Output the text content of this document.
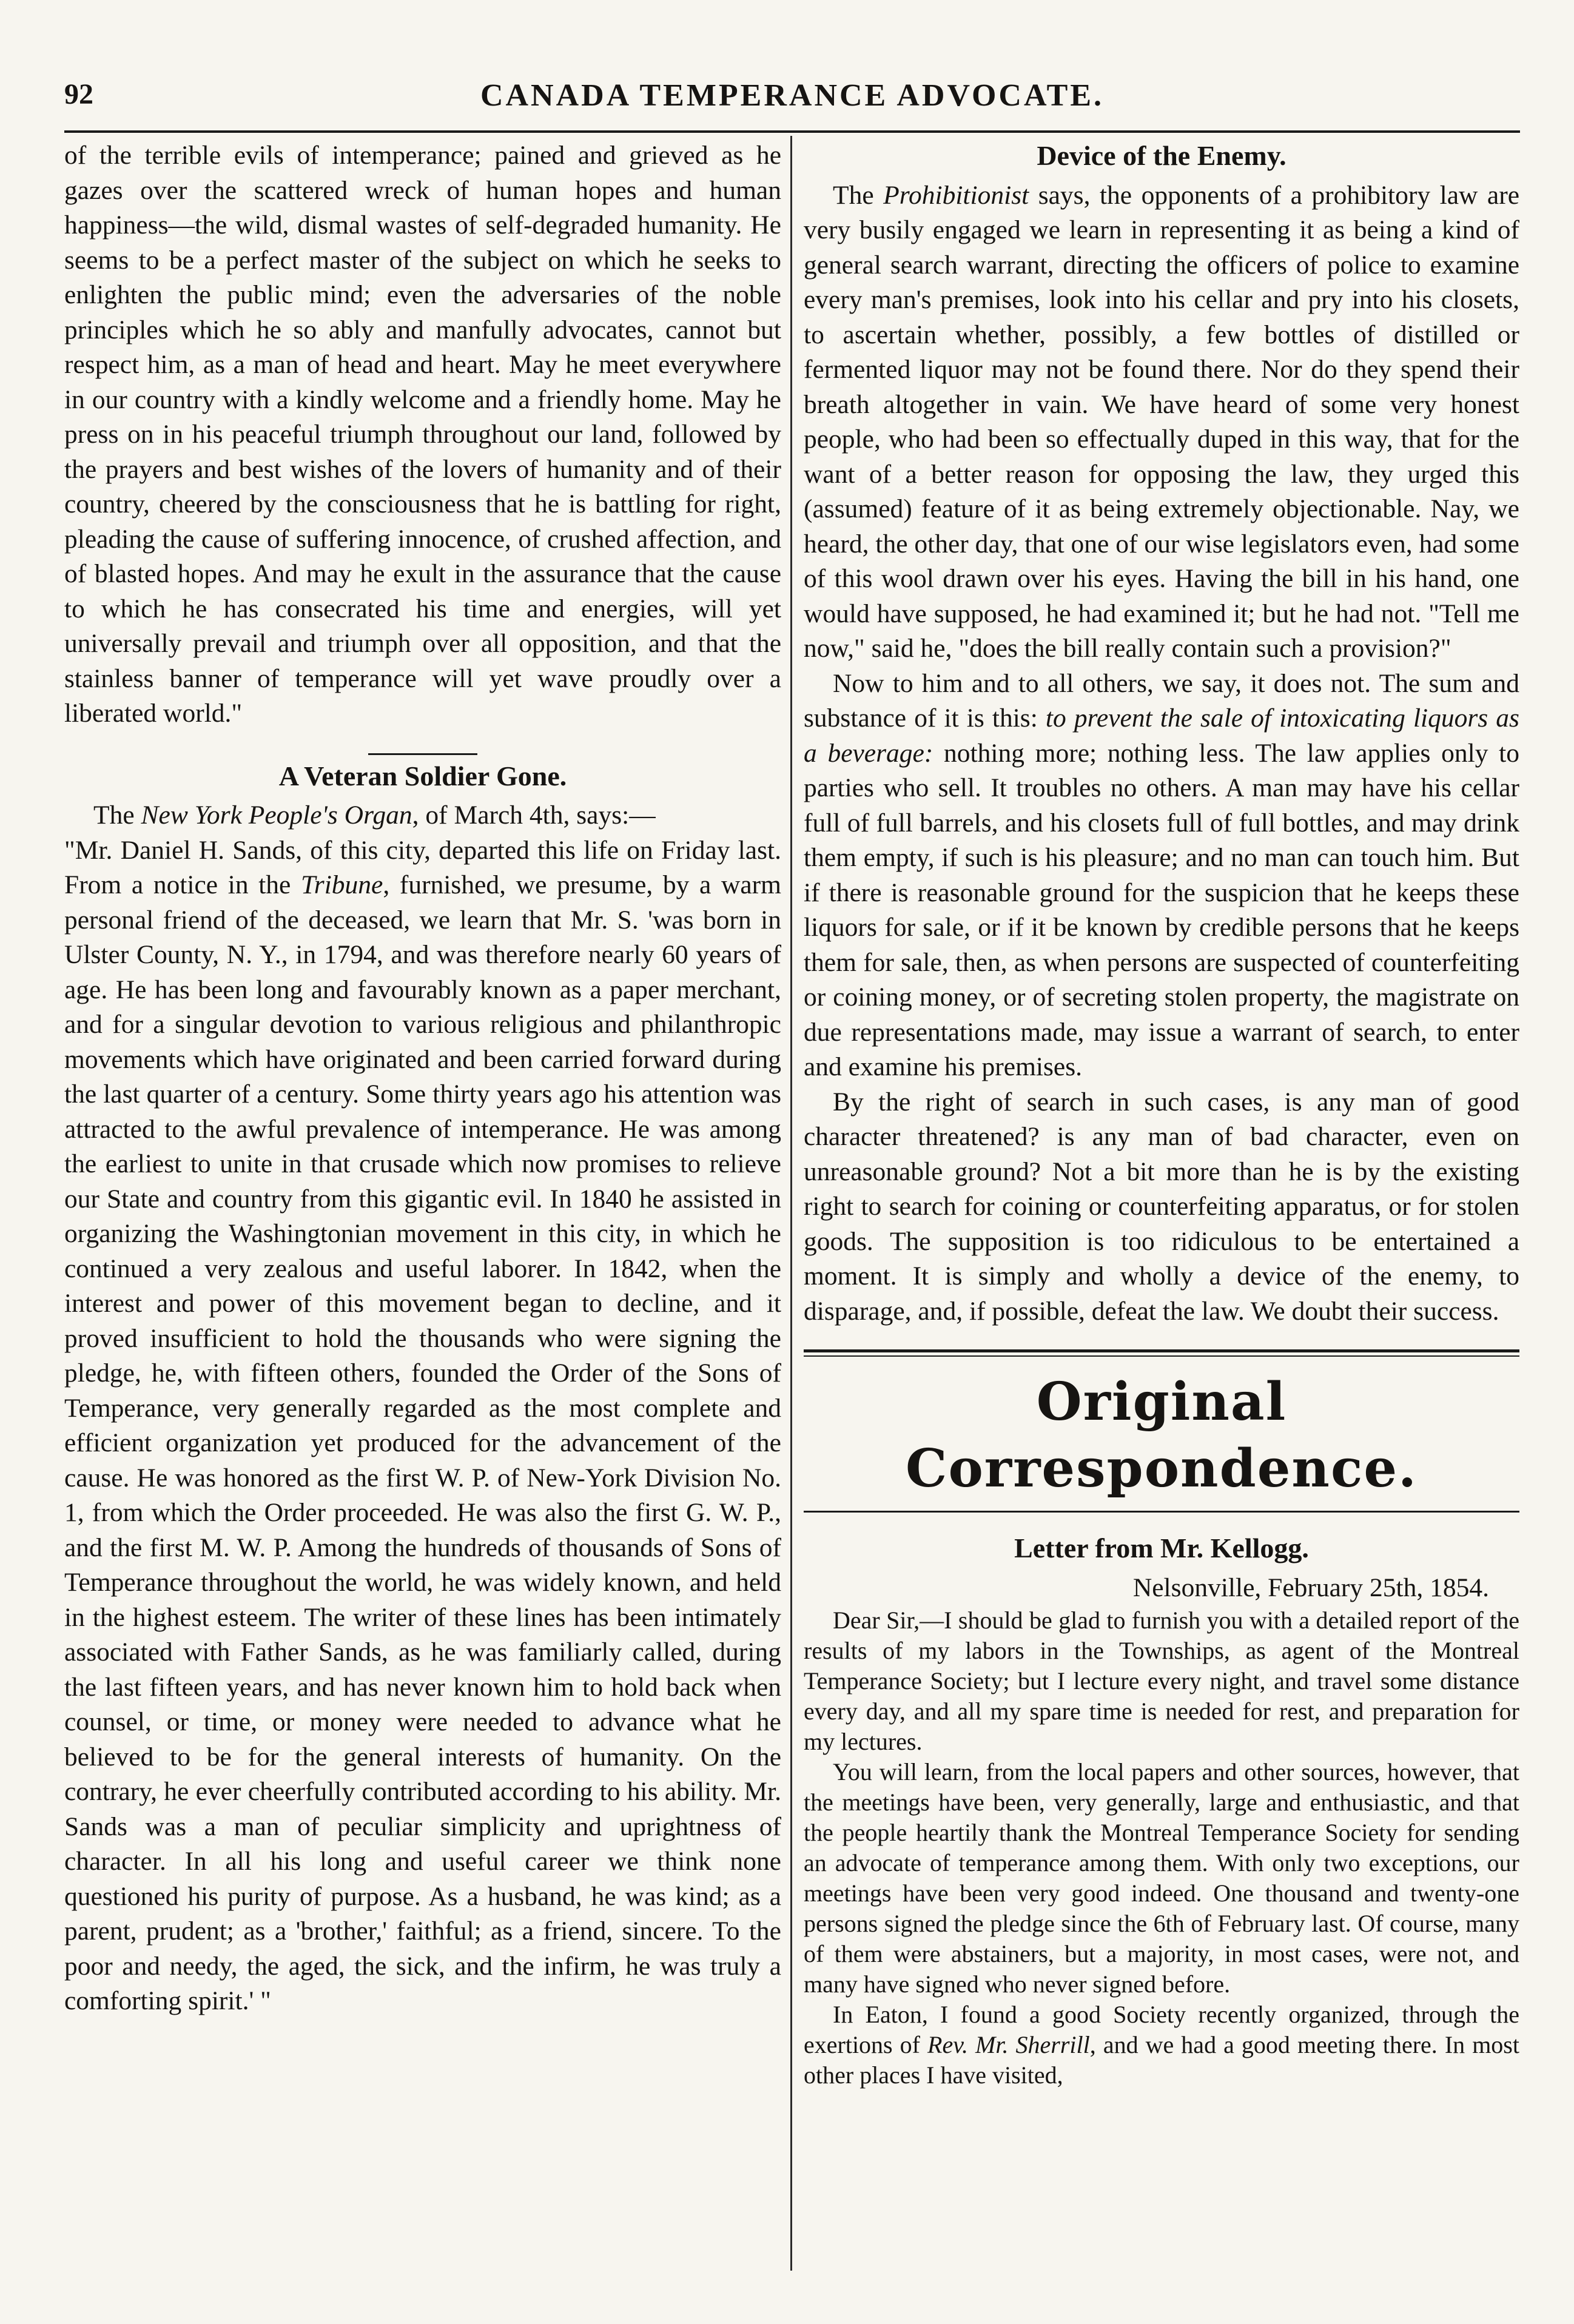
92	CANADA TEMPERANCE ADVOCATE.

of the terrible evils of intemperance; pained and grieved as he gazes over the scattered wreck of human hopes and human happiness—the wild, dismal wastes of self-degraded humanity. He seems to be a perfect master of the subject on which he seeks to enlighten the public mind; even the adversaries of the noble principles which he so ably and manfully advocates, cannot but respect him, as a man of head and heart. May he meet everywhere in our country with a kindly welcome and a friendly home. May he press on in his peaceful triumph throughout our land, followed by the prayers and best wishes of the lovers of humanity and of their country, cheered by the consciousness that he is battling for right, pleading the cause of suffering innocence, of crushed affection, and of blasted hopes. And may he exult in the assurance that the cause to which he has consecrated his time and energies, will yet universally prevail and triumph over all opposition, and that the stainless banner of temperance will yet wave proudly over a liberated world."

A Veteran Soldier Gone.

The New York People's Organ, of March 4th, says:—

"Mr. Daniel H. Sands, of this city, departed this life on Friday last. From a notice in the Tribune, furnished, we presume, by a warm personal friend of the deceased, we learn that Mr. S. 'was born in Ulster County, N. Y., in 1794, and was therefore nearly 60 years of age. He has been long and favourably known as a paper merchant, and for a singular devotion to various religious and philanthropic movements which have originated and been carried forward during the last quarter of a century. Some thirty years ago his attention was attracted to the awful prevalence of intemperance. He was among the earliest to unite in that crusade which now promises to relieve our State and country from this gigantic evil. In 1840 he assisted in organizing the Washingtonian movement in this city, in which he continued a very zealous and useful laborer. In 1842, when the interest and power of this movement began to decline, and it proved insufficient to hold the thousands who were signing the pledge, he, with fifteen others, founded the Order of the Sons of Temperance, very generally regarded as the most complete and efficient organization yet produced for the advancement of the cause. He was honored as the first W. P. of New-York Division No. 1, from which the Order proceeded. He was also the first G. W. P., and the first M. W. P. Among the hundreds of thousands of Sons of Temperance throughout the world, he was widely known, and held in the highest esteem. The writer of these lines has been intimately associated with Father Sands, as he was familiarly called, during the last fifteen years, and has never known him to hold back when counsel, or time, or money were needed to advance what he believed to be for the general interests of humanity. On the contrary, he ever cheerfully contributed according to his ability. Mr. Sands was a man of peculiar simplicity and uprightness of character. In all his long and useful career we think none questioned his purity of purpose. As a husband, he was kind; as a parent, prudent; as a 'brother,' faithful; as a friend, sincere. To the poor and needy, the aged, the sick, and the infirm, he was truly a comforting spirit.' "

Device of the Enemy.

The Prohibitionist says, the opponents of a prohibitory law are very busily engaged we learn in representing it as being a kind of general search warrant, directing the officers of police to examine every man's premises, look into his cellar and pry into his closets, to ascertain whether, possibly, a few bottles of distilled or fermented liquor may not be found there. Nor do they spend their breath altogether in vain. We have heard of some very honest people, who had been so effectually duped in this way, that for the want of a better reason for opposing the law, they urged this (assumed) feature of it as being extremely objectionable. Nay, we heard, the other day, that one of our wise legislators even, had some of this wool drawn over his eyes. Having the bill in his hand, one would have supposed, he had examined it; but he had not. "Tell me now," said he, "does the bill really contain such a provision?"

Now to him and to all others, we say, it does not. The sum and substance of it is this: to prevent the sale of intoxicating liquors as a beverage: nothing more; nothing less. The law applies only to parties who sell. It troubles no others. A man may have his cellar full of full barrels, and his closets full of full bottles, and may drink them empty, if such is his pleasure; and no man can touch him. But if there is reasonable ground for the suspicion that he keeps these liquors for sale, or if it be known by credible persons that he keeps them for sale, then, as when persons are suspected of counterfeiting or coining money, or of secreting stolen property, the magistrate on due representations made, may issue a warrant of search, to enter and examine his premises.

By the right of search in such cases, is any man of good character threatened? is any man of bad character, even on unreasonable ground? Not a bit more than he is by the existing right to search for coining or counterfeiting apparatus, or for stolen goods. The supposition is too ridiculous to be entertained a moment. It is simply and wholly a device of the enemy, to disparage, and, if possible, defeat the law. We doubt their success.

Original Correspondence.
Letter from Mr. Kellogg.
Nelsonville, February 25th, 1854.

Dear Sir,—I should be glad to furnish you with a detailed report of the results of my labors in the Townships, as agent of the Montreal Temperance Society; but I lecture every night, and travel some distance every day, and all my spare time is needed for rest, and preparation for my lectures.

You will learn, from the local papers and other sources, however, that the meetings have been, very generally, large and enthusiastic, and that the people heartily thank the Montreal Temperance Society for sending an advocate of temperance among them. With only two exceptions, our meetings have been very good indeed. One thousand and twenty-one persons signed the pledge since the 6th of February last. Of course, many of them were abstainers, but a majority, in most cases, were not, and many have signed who never signed before.

In Eaton, I found a good Society recently organized, through the exertions of Rev. Mr. Sherrill, and we had a good meeting there. In most other places I have visited,
